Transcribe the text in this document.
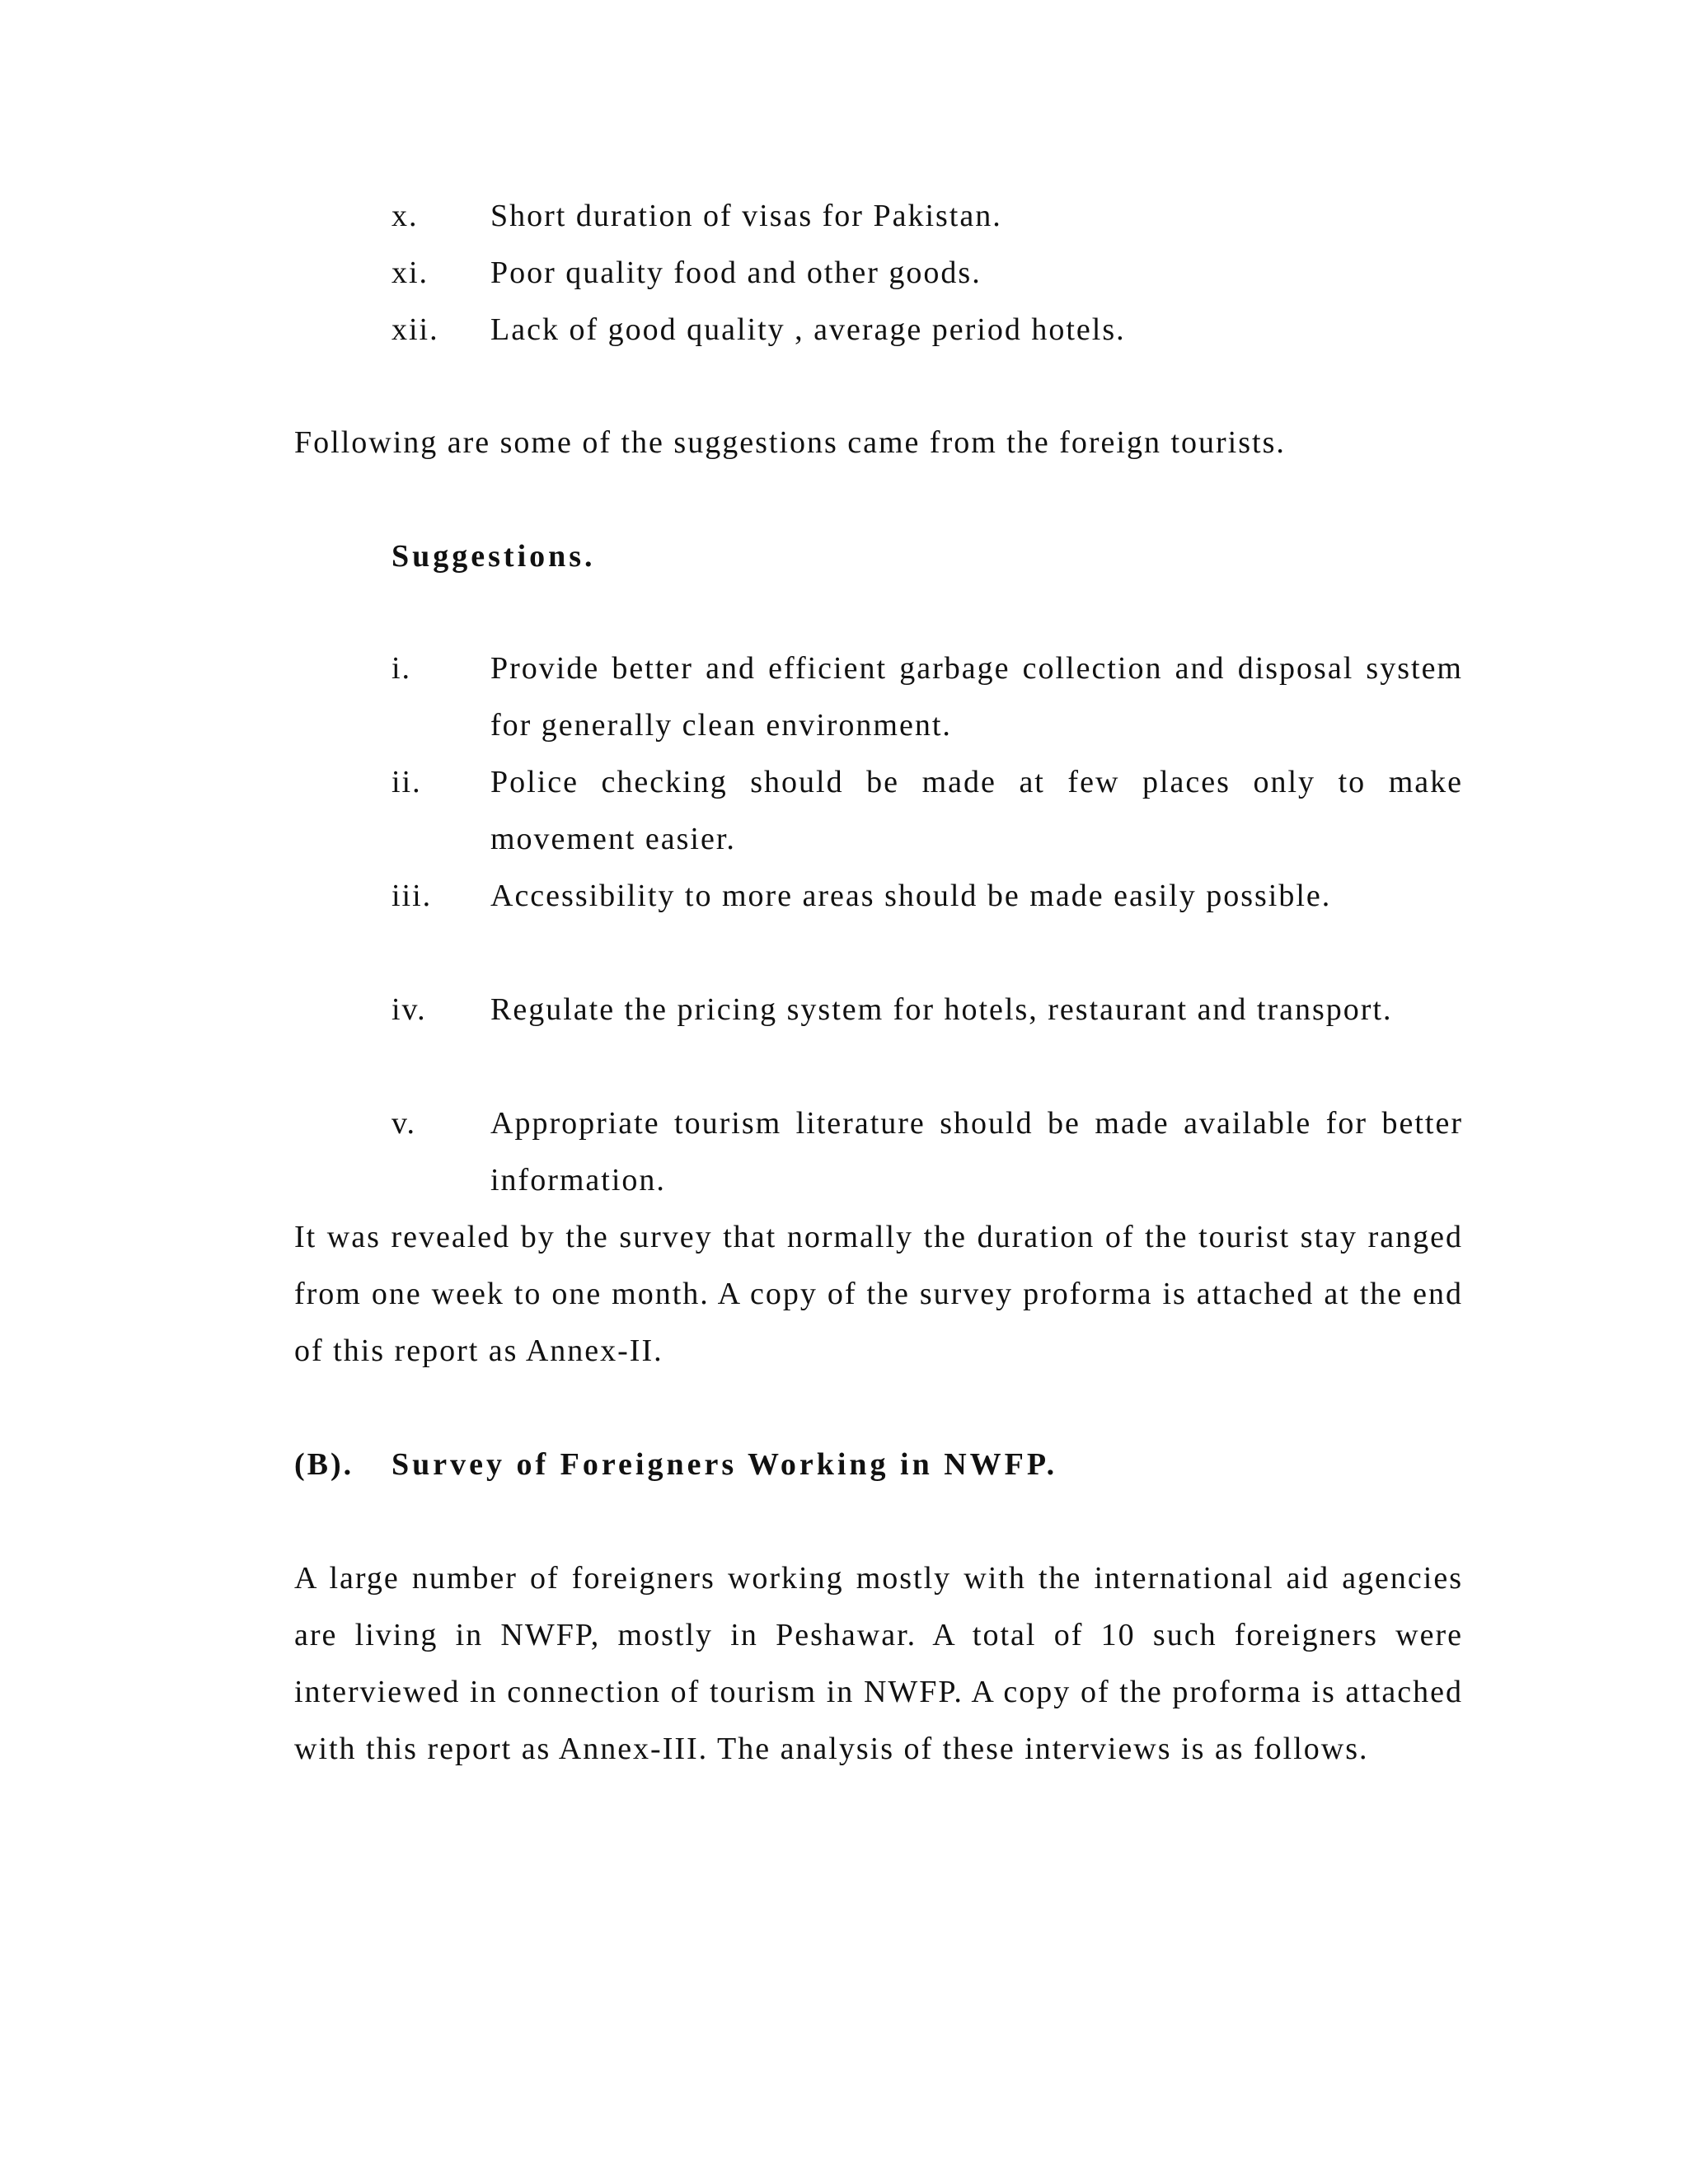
x. Short duration of visas for Pakistan.
xi. Poor quality food and other goods.
xii. Lack of good quality , average period hotels.

Following are some of the suggestions came from the foreign tourists.

Suggestions.
i.	Provide better and efficient garbage collection and disposal system for generally clean environment.
ii. Police checking should be made at few places only to make movement easier.
iii. Accessibility to more areas should be made easily possible.
iv. Regulate the pricing system for hotels, restaurant and transport.
v. Appropriate tourism literature should be made available for better information.

It was revealed by the survey that normally the duration of the tourist stay ranged from one week to one month. A copy of the survey proforma is attached at the end of this report as Annex-II.

(B). Survey of Foreigners Working in NWFP.

A large number of foreigners working mostly with the international aid agencies are living in NWFP, mostly in Peshawar. A total of 10 such foreigners were interviewed in connection of tourism in NWFP. A copy of the proforma is attached with this report as Annex-III. The analysis of these interviews is as follows.
